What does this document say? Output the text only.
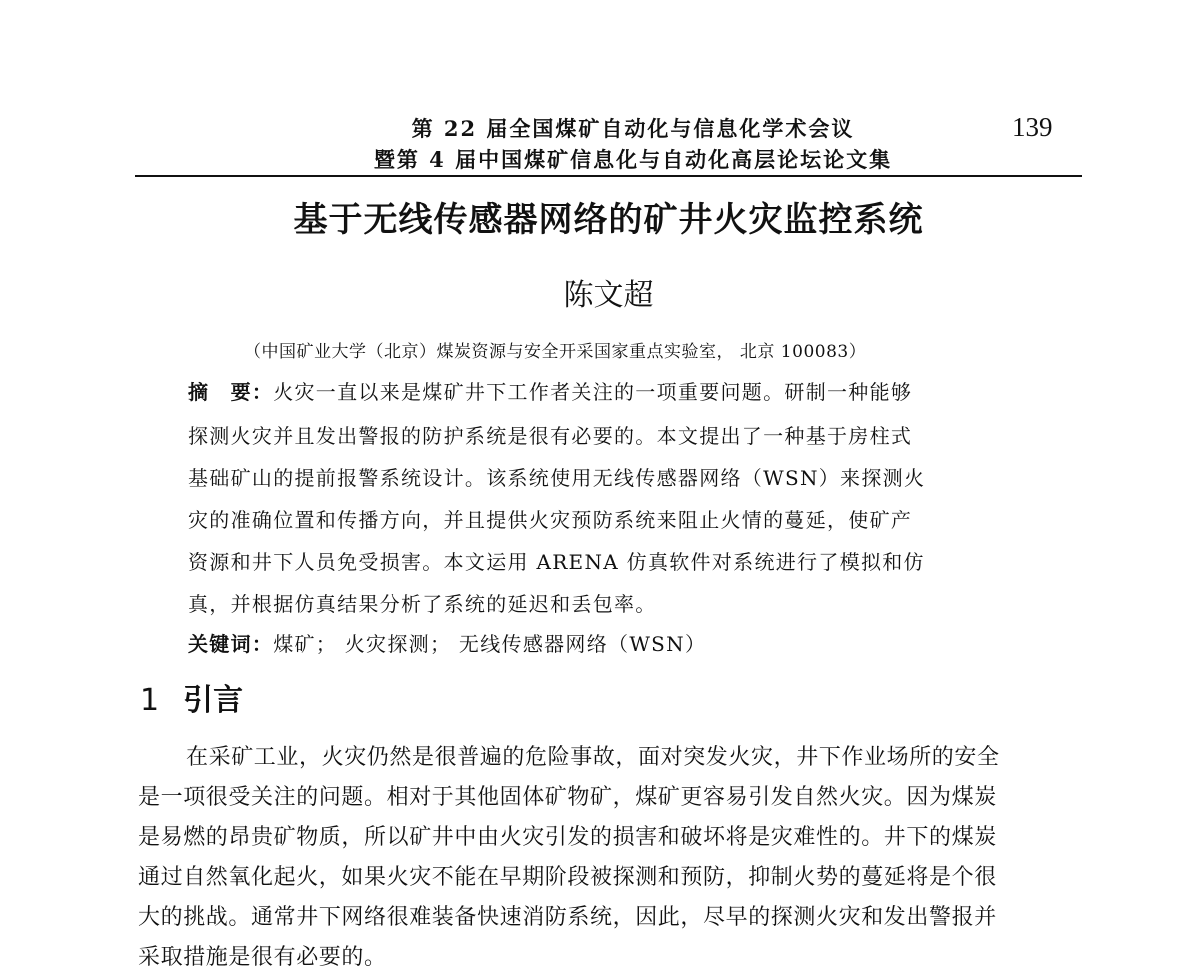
第 22 届全国煤矿自动化与信息化学术会议
暨第 4 届中国煤矿信息化与自动化高层论坛论文集
139
基于无线传感器网络的矿井火灾监控系统
陈文超
（中国矿业大学（北京）煤炭资源与安全开采国家重点实验室， 北京 100083）
摘　要：火灾一直以来是煤矿井下工作者关注的一项重要问题。研制一种能够
探测火灾并且发出警报的防护系统是很有必要的。本文提出了一种基于房柱式
基础矿山的提前报警系统设计。该系统使用无线传感器网络（WSN）来探测火
灾的准确位置和传播方向，并且提供火灾预防系统来阻止火情的蔓延，使矿产
资源和井下人员免受损害。本文运用 ARENA 仿真软件对系统进行了模拟和仿
真，并根据仿真结果分析了系统的延迟和丢包率。
关键词：煤矿； 火灾探测； 无线传感器网络（WSN）
1 引言
在采矿工业，火灾仍然是很普遍的危险事故，面对突发火灾，井下作业场所的安全
是一项很受关注的问题。相对于其他固体矿物矿，煤矿更容易引发自然火灾。因为煤炭
是易燃的昂贵矿物质，所以矿井中由火灾引发的损害和破坏将是灾难性的。井下的煤炭
通过自然氧化起火，如果火灾不能在早期阶段被探测和预防，抑制火势的蔓延将是个很
大的挑战。通常井下网络很难装备快速消防系统，因此，尽早的探测火灾和发出警报并
采取措施是很有必要的。
